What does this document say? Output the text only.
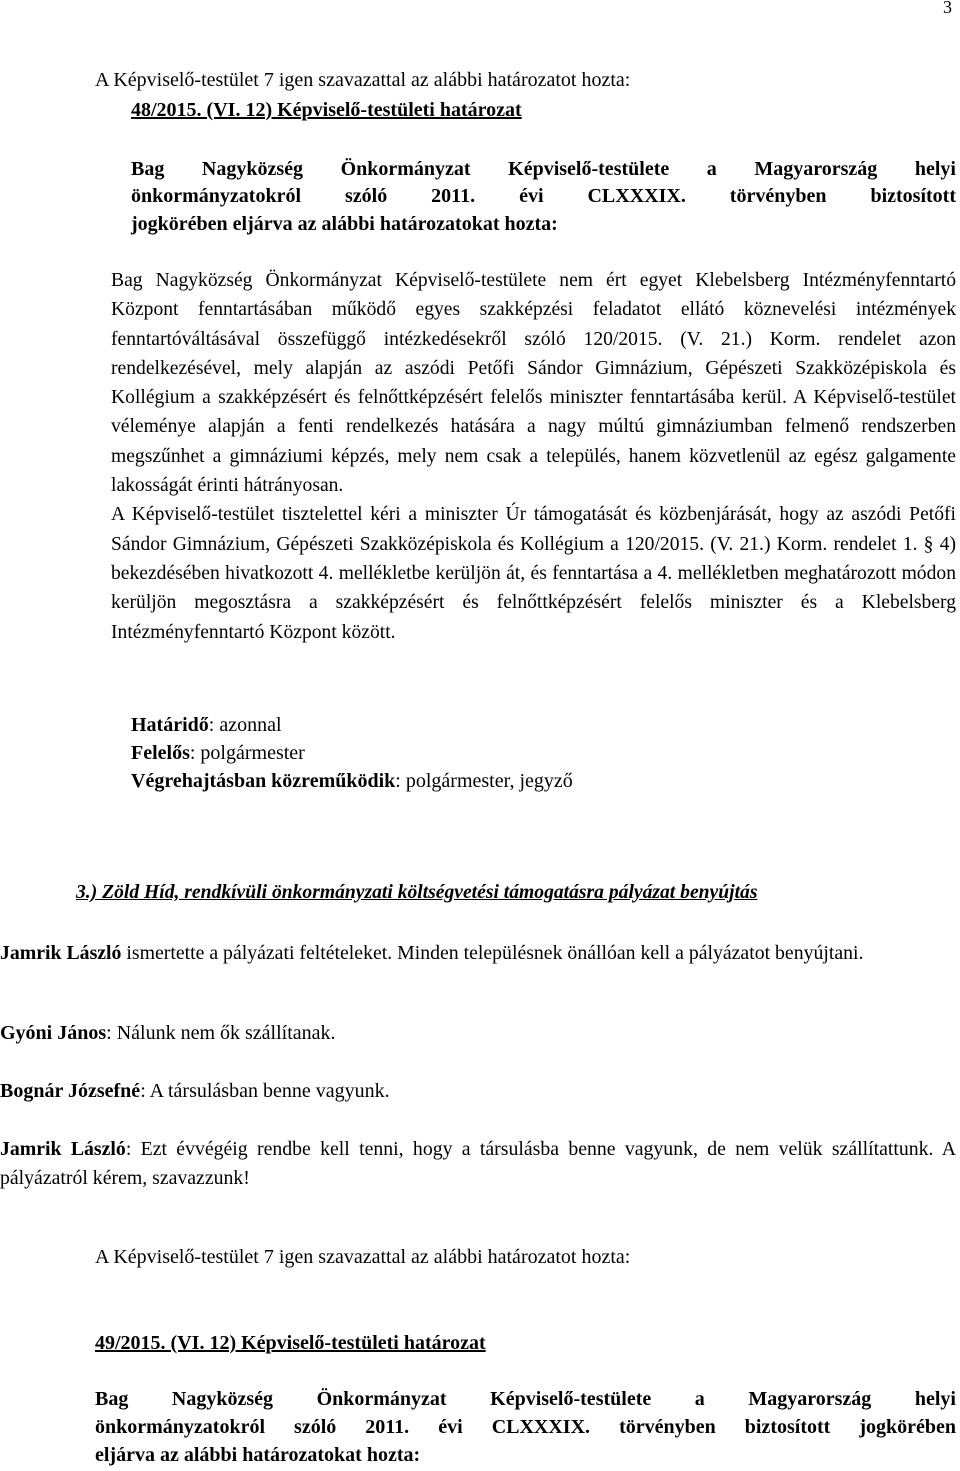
3
A Képviselő-testület 7 igen szavazattal az alábbi határozatot hozta:
48/2015. (VI. 12) Képviselő-testületi határozat
Bag Nagyközség Önkormányzat Képviselő-testülete a Magyarország helyi
önkormányzatokról szóló 2011. évi CLXXXIX. törvényben biztosított
jogkörében eljárva az alábbi határozatokat hozta:

Bag Nagyközség Önkormányzat Képviselő-testülete nem ért egyet Klebelsberg Intézményfenntartó Központ fenntartásában működő egyes szakképzési feladatot ellátó köznevelési intézmények fenntartóváltásával összefüggő intézkedésekről szóló 120/2015. (V. 21.) Korm. rendelet azon rendelkezésével, mely alapján az aszódi Petőfi Sándor Gimnázium, Gépészeti Szakközépiskola és Kollégium a szakképzésért és felnőttképzésért felelős miniszter fenntartásába kerül. A Képviselő-testület véleménye alapján a fenti rendelkezés hatására a nagy múltú gimnáziumban felmenő rendszerben megszűnhet a gimnáziumi képzés, mely nem csak a település, hanem közvetlenül az egész galgamente lakosságát érinti hátrányosan.

A Képviselő-testület tisztelettel kéri a miniszter Úr támogatását és közbenjárását, hogy az aszódi Petőfi Sándor Gimnázium, Gépészeti Szakközépiskola és Kollégium a 120/2015. (V. 21.) Korm. rendelet 1. § 4) bekezdésében hivatkozott 4. mellékletbe kerüljön át, és fenntartása a 4. mellékletben meghatározott módon kerüljön megosztásra a szakképzésért és felnőttképzésért felelős miniszter és a Klebelsberg Intézményfenntartó Központ között.

Határidő: azonnal
Felelős: polgármester
Végrehajtásban közreműködik: polgármester, jegyző
3.) Zöld Híd, rendkívüli önkormányzati költségvetési támogatásra pályázat benyújtás
Jamrik László ismertette a pályázati feltételeket. Minden településnek önállóan kell a pályázatot benyújtani.
Gyóni János: Nálunk nem ők szállítanak.
Bognár Józsefné: A társulásban benne vagyunk.
Jamrik László: Ezt évvégéig rendbe kell tenni, hogy a társulásba benne vagyunk, de nem velük szállítattunk. A pályázatról kérem, szavazzunk!
A Képviselő-testület 7 igen szavazattal az alábbi határozatot hozta:
49/2015. (VI. 12) Képviselő-testületi határozat
Bag Nagyközség Önkormányzat Képviselő-testülete a Magyarország helyi
önkormányzatokról szóló 2011. évi CLXXXIX. törvényben biztosított jogkörében
eljárva az alábbi határozatokat hozta:
